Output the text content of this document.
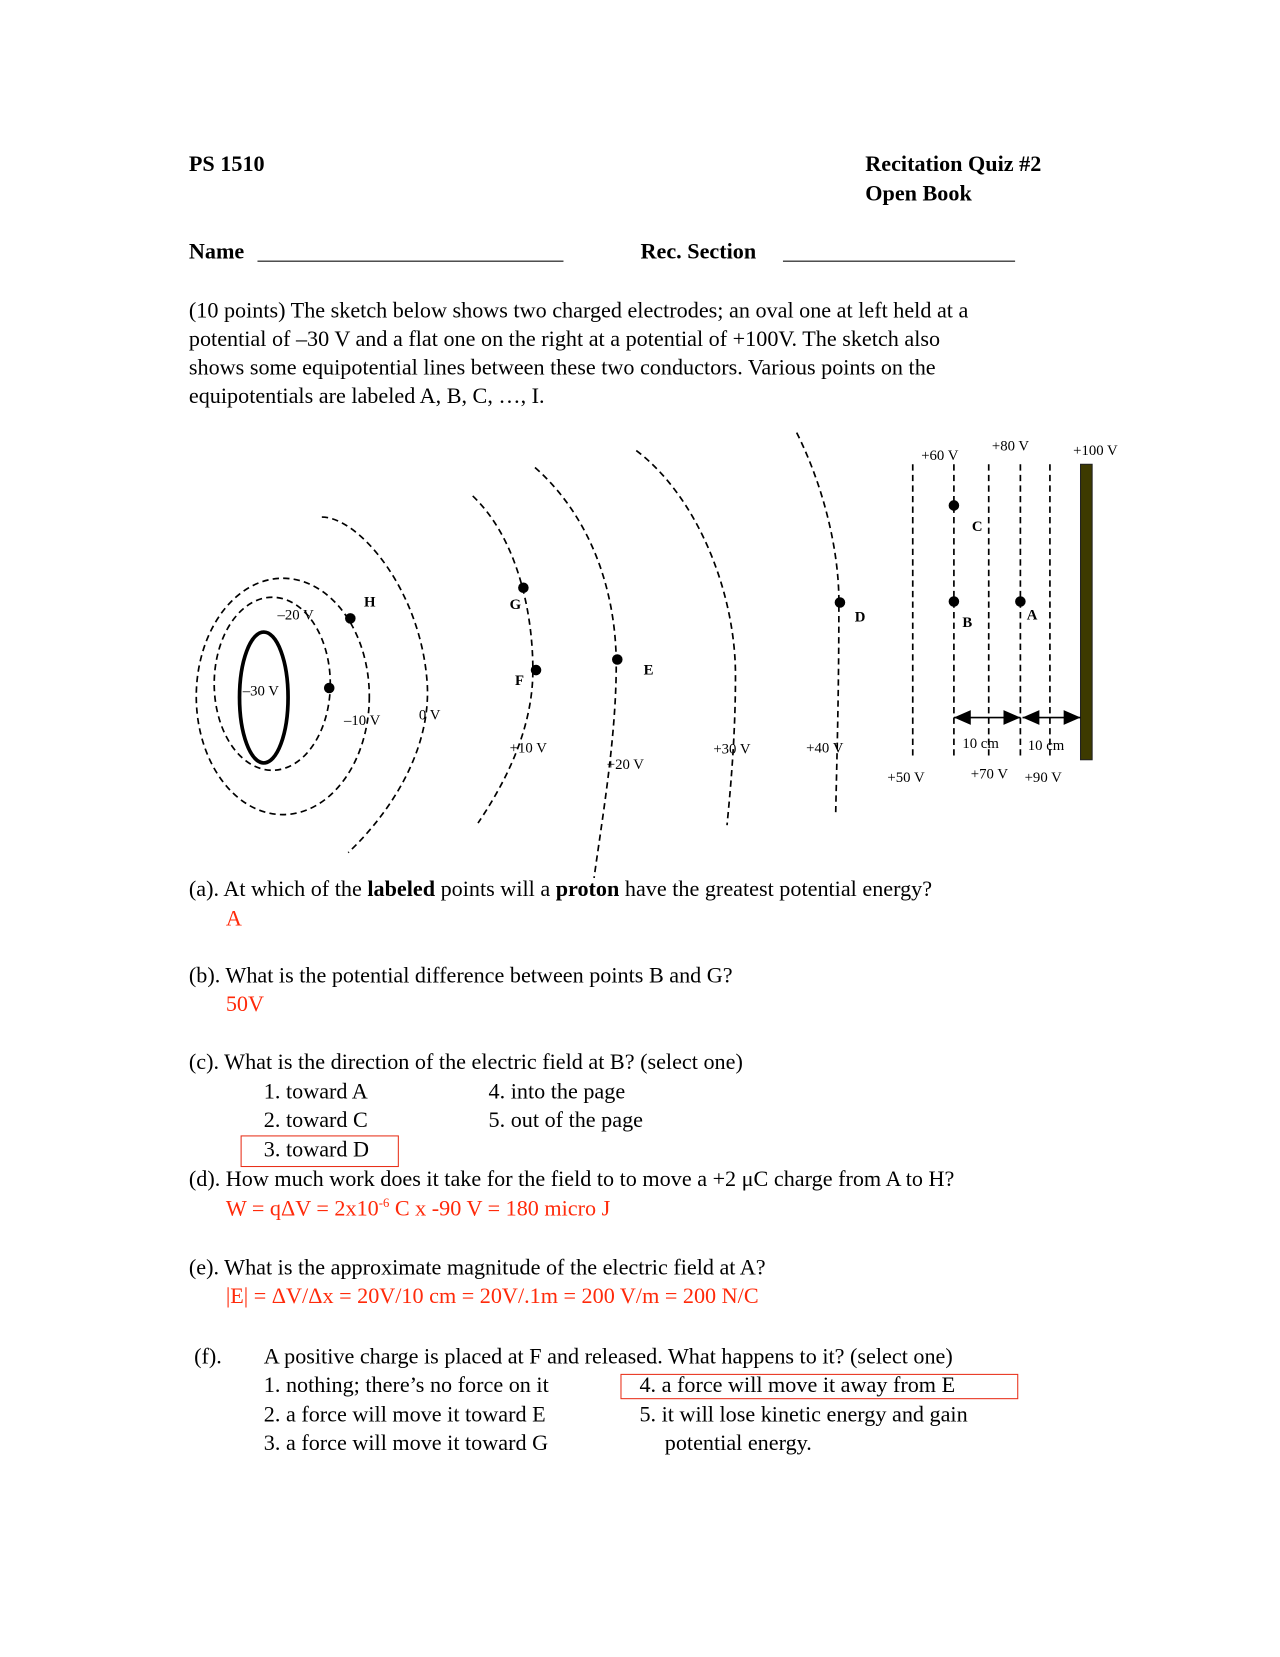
PS 1510	Recitation Quiz #2
Open Book
Name	Rec. Section
(10 points) The sketch below shows two charged electrodes; an oval one at left held at a
potential of –30 V and a flat one on the right at a potential of +100V. The sketch also
shows some equipotential lines between these two conductors. Various points on the
equipotentials are labeled A, B, C, …, I.
–30 V
–20 V
–10 V	0 V
+10 V
+20 V
+30 V	+40 V
+50 V
+60 V
+70 V
+80 V
+90 V
+100 V
H	G
F
E
D
C
B	A
10 cm 10 cm
(a). At which of the labeled points will a proton have the greatest potential energy?
A
(b). What is the potential difference between points B and G?
50V
(c). What is the direction of the electric field at B? (select one)
1. toward A
2. toward C
3. toward D
4. into the page
5. out of the page
(d). How much work does it take for the field to to move a +2 μC charge from A to H?
$W = q\Delta V = 2x10^{-6}$ C x -90 V = 180 micro J
(e). What is the approximate magnitude of the electric field at A?
|E| = ΔV/Δx = 20V/10 cm = 20V/.1m = 200 V/m = 200 N/C
(f). A positive charge is placed at F and released. What happens to it? (select one)
1. nothing; there’s no force on it
2. a force will move it toward E
3. a force will move it toward G
4. a force will move it away from E
5. it will lose kinetic energy and gain
potential energy.
